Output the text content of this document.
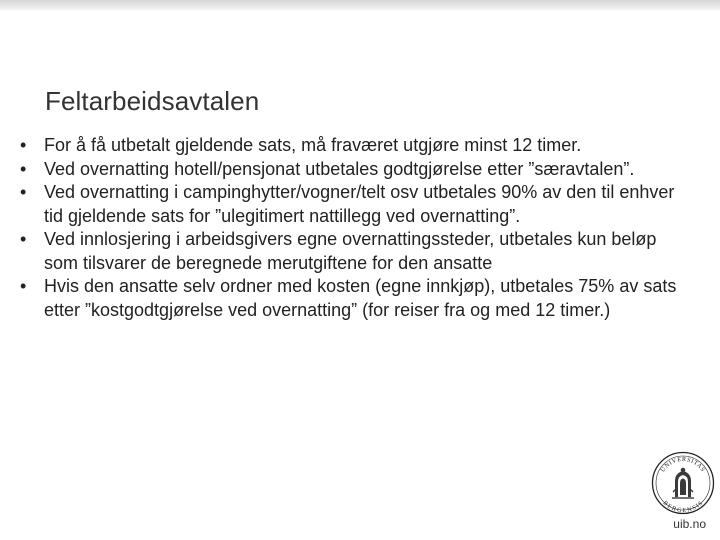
Feltarbeidsavtalen
• For å få utbetalt gjeldende sats, må fraværet utgjøre minst 12 timer.
• Ved overnatting hotell/pensjonat utbetales godtgjørelse etter ”særavtalen”.
• Ved overnatting i campinghytter/vogner/telt osv utbetales 90% av den til enhver tid gjeldende sats for ”ulegitimert nattillegg ved overnatting”.
• Ved innlosjering i arbeidsgivers egne overnattingssteder, utbetales kun beløp som tilsvarer de beregnede merutgiftene for den ansatte
• Hvis den ansatte selv ordner med kosten (egne innkjøp), utbetales 75% av sats etter ”kostgodtgjørelse ved overnatting” (for reiser fra og med 12 timer.)
UNIVERSITAS
BERGENSIS
uib.no
